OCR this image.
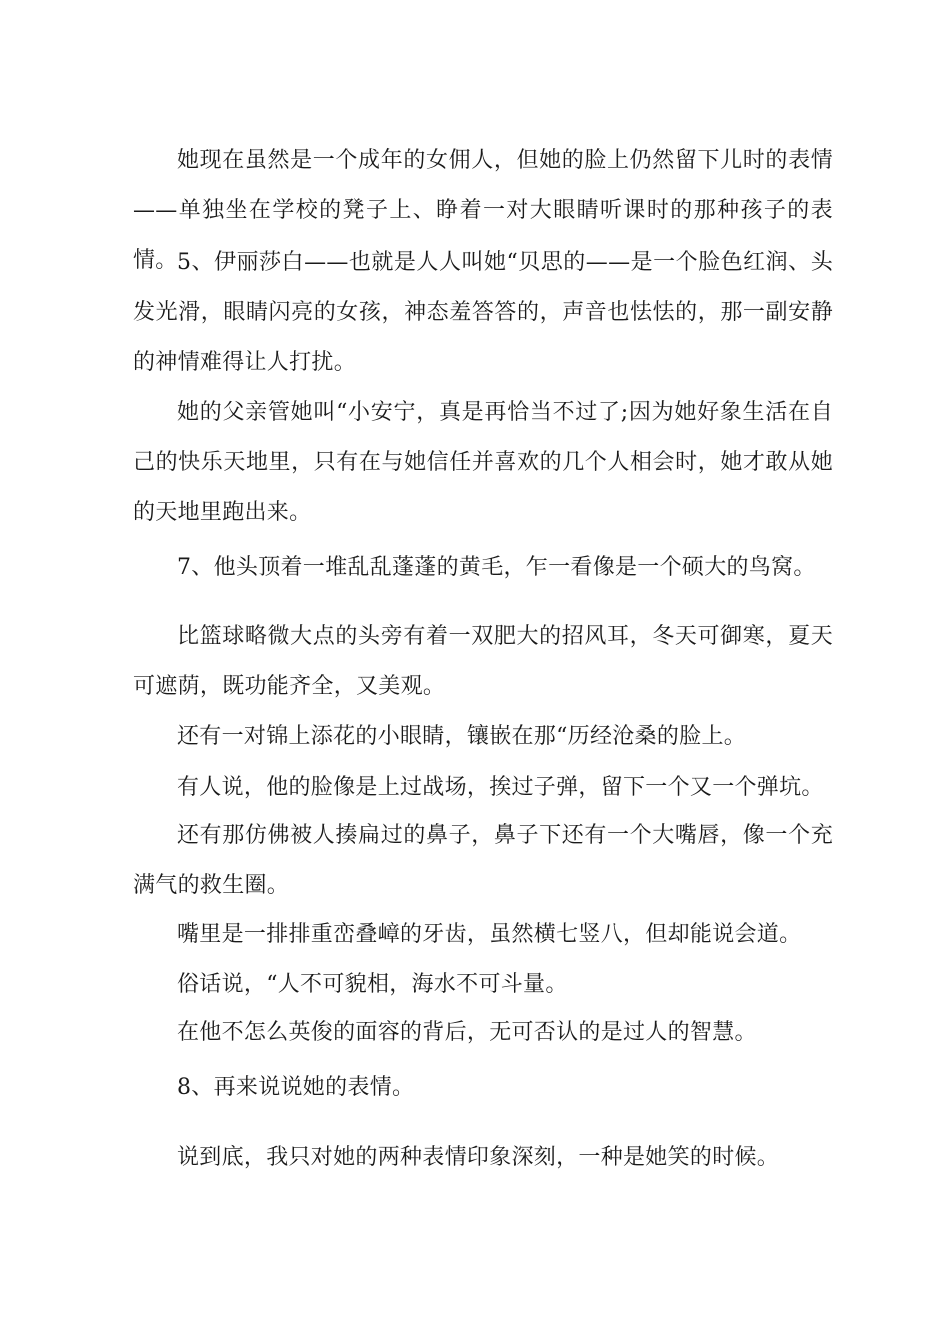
她现在虽然是一个成年的女佣人，但她的脸上仍然留下儿时的表情——单独坐在学校的凳子上、睁着一对大眼睛听课时的那种孩子的表情。 5、伊丽莎白——也就是人人叫她“贝思的——是一个脸色红润、头发光滑，眼睛闪亮的女孩，神态羞答答的，声音也怯怯的，那一副安静的神情难得让人打扰。

她的父亲管她叫“小安宁，真是再恰当不过了;因为她好象生活在自己的快乐天地里，只有在与她信任并喜欢的几个人相会时，她才敢从她的天地里跑出来。

7、他头顶着一堆乱乱蓬蓬的黄毛，乍一看像是一个硕大的鸟窝。

比篮球略微大点的头旁有着一双肥大的招风耳，冬天可御寒，夏天可遮荫，既功能齐全，又美观。

还有一对锦上添花的小眼睛，镶嵌在那“历经沧桑的脸上。

有人说，他的脸像是上过战场，挨过子弹，留下一个又一个弹坑。

还有那仿佛被人揍扁过的鼻子，鼻子下还有一个大嘴唇，像一个充满气的救生圈。

嘴里是一排排重峦叠嶂的牙齿，虽然横七竖八，但却能说会道。

俗话说，“人不可貌相，海水不可斗量。

在他不怎么英俊的面容的背后，无可否认的是过人的智慧。

8、再来说说她的表情。

说到底，我只对她的两种表情印象深刻，一种是她笑的时候。
